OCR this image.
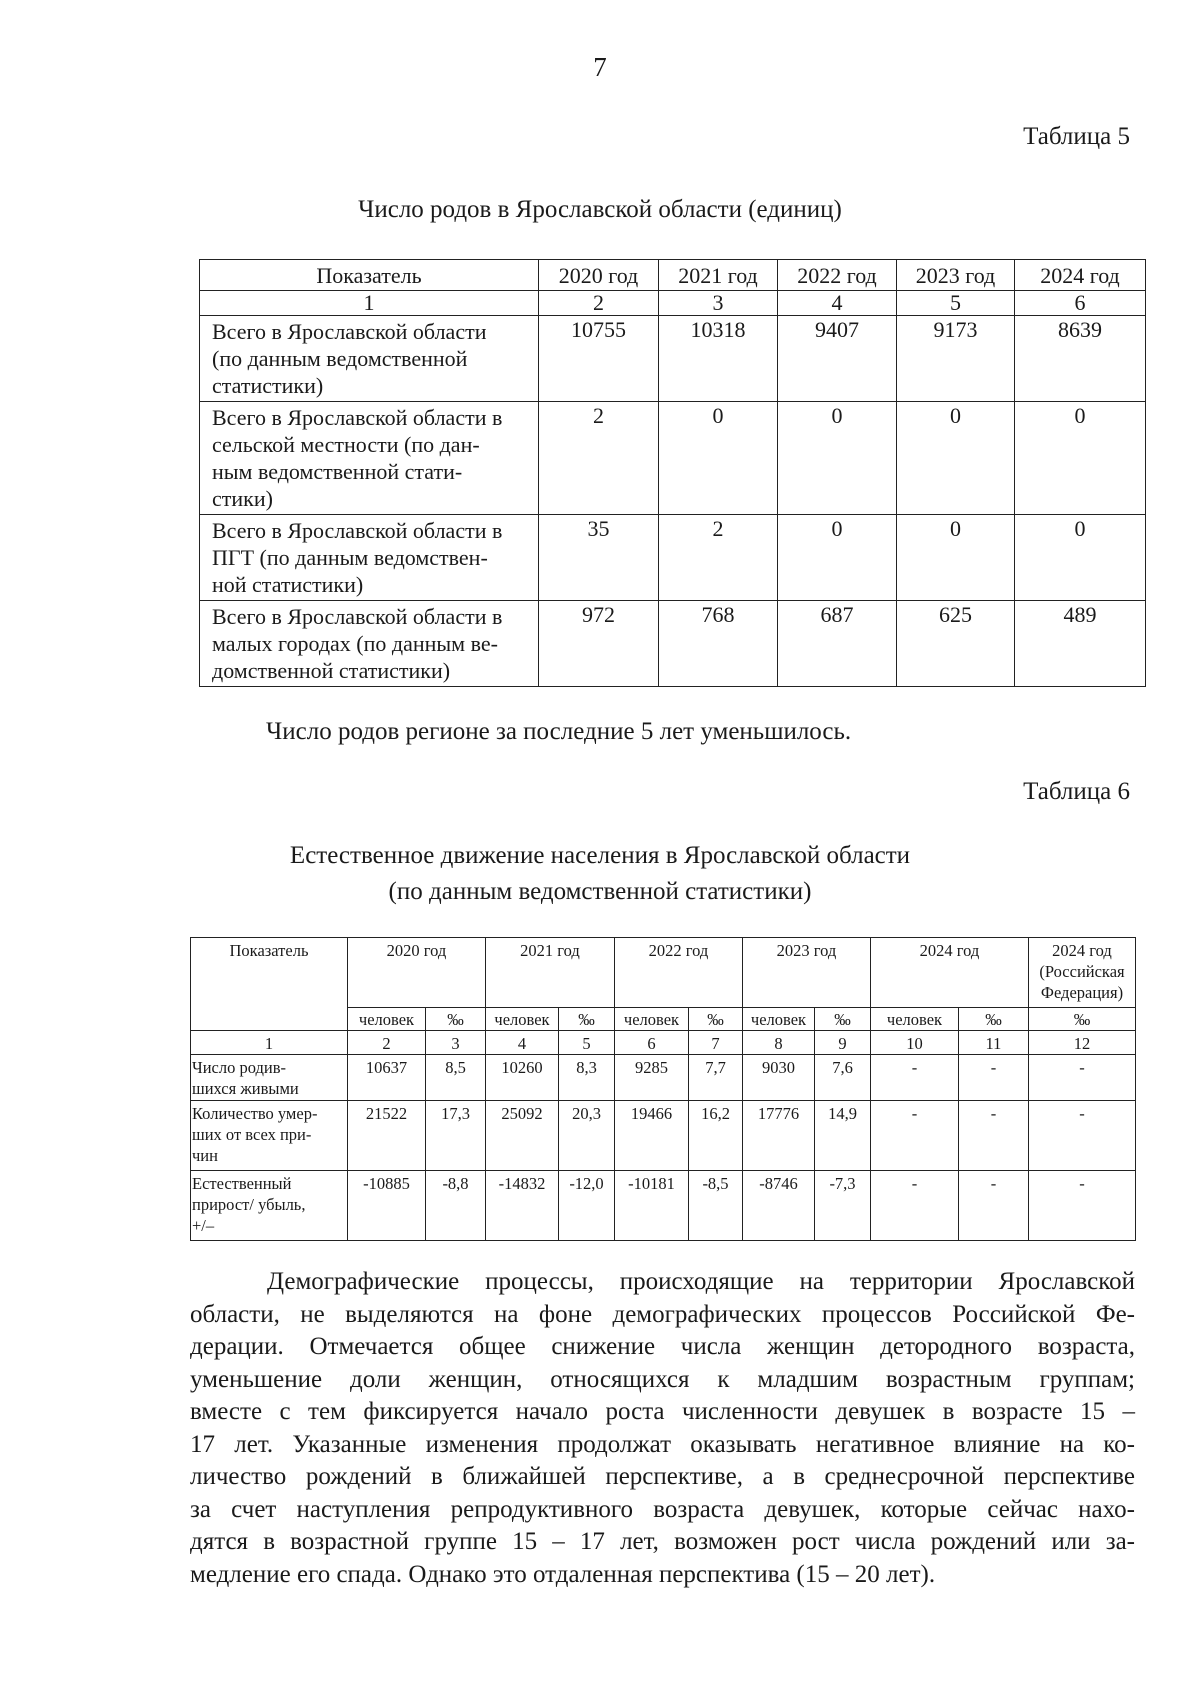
7
Таблица 5
Число родов в Ярославской области (единиц)
Показатель	2020 год	2021 год	2022 год	2023 год	2024 год
1	2	3	4	5	6
Всего в Ярославской области
(по данным ведомственной
статистики)	10755	10318	9407	9173	8639
Всего в Ярославской области в
сельской местности (по дан-
ным ведомственной стати-
стики)	2	0	0	0	0
Всего в Ярославской области в
ПГТ (по данным ведомствен-
ной статистики)	35	2	0	0	0
Всего в Ярославской области в
малых городах (по данным ве-
домственной статистики)	972	768	687	625	489
Число родов регионе за последние 5 лет уменьшилось.
Таблица 6
Естественное движение населения в Ярославской области
(по данным ведомственной статистики)
Показатель	2020 год		2021 год		2022 год		2023 год		2024 год		2024 год
(Российская
Федерация)
	человек	‰	человек	‰	человек	‰	человек	‰	человек	‰	‰
1	2	3	4	5	6	7	8	9	10	11	12
Число родив-
шихся живыми	10637	8,5	10260	8,3	9285	7,7	9030	7,6	-	-	-
Количество умер-
ших от всех при-
чин	21522	17,3	25092	20,3	19466	16,2	17776	14,9	-	-	-
Естественный
прирост/ убыль,
+/–	-10885	-8,8	-14832	-12,0	-10181	-8,5	-8746	-7,3	-	-	-
Демографические процессы, происходящие на территории Ярославской
области, не выделяются на фоне демографических процессов Российской Фе-
дерации. Отмечается общее снижение числа женщин детородного возраста,
уменьшение доли женщин, относящихся к младшим возрастным группам;
вместе с тем фиксируется начало роста численности девушек в возрасте 15 –
17 лет. Указанные изменения продолжат оказывать негативное влияние на ко-
личество рождений в ближайшей перспективе, а в среднесрочной перспективе
за счет наступления репродуктивного возраста девушек, которые сейчас нахо-
дятся в возрастной группе 15 – 17 лет, возможен рост числа рождений или за-
медление его спада. Однако это отдаленная перспектива (15 – 20 лет).
